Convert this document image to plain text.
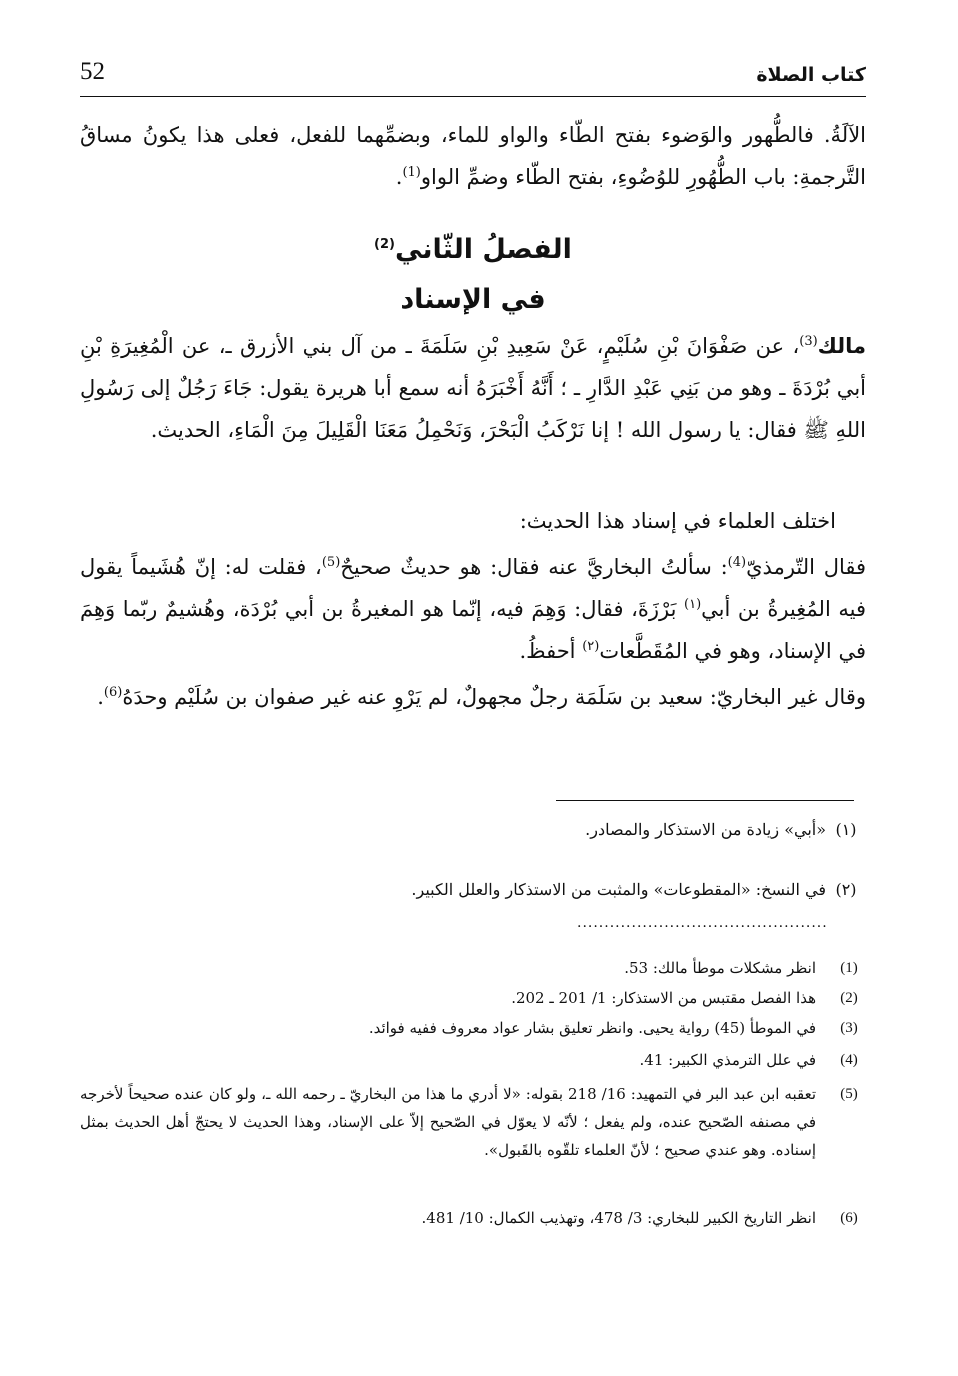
52	كتاب الصلاة

الآلَةُ. فالطُّهور والوَضوء بفتح الطّاء والواو للماء، وبضمِّهما للفعل، فعلى هذا يكونُ مساقُ التَّرجمةِ: باب الطُّهُورِ للوُضُوءِ، بفتح الطّاء وضمِّ الواو$^{(1)}$.

الفصلُ الثّاني$^{(2)}$
في الإسناد

مالك$^{(3)}$، عن صَفْوَانَ بْنِ سُلَيْمٍ، عَنْ سَعِيدِ بْنِ سَلَمَةَ ـ من آل بني الأزرق ـ، عن الْمُغِيرَةِ بْنِ أبي بُرْدَةَ ـ وهو من بَنِي عَبْدِ الدَّارِ ـ ؛ أَنَّهُ أَخْبَرَهُ أنه سمع أبا هريرة يقول: جَاءَ رَجُلٌ إلى رَسُولِ اللهِ ﷺ فقال: يا رسول الله ! إنا نَرْكَبُ الْبَحْرَ، وَنَحْمِلُ مَعَنَا الْقَلِيلَ مِنَ الْمَاءِ، الحديث.

اختلف العلماء في إسناد هذا الحديث:

فقال التّرمذيّ$^{(4)}$: سألتُ البخاريَّ عنه فقال: هو حديثٌ صحيحٌ$^{(5)}$، فقلت له: إنّ هُشَيماً يقول فيه المُغِيرةُ بن أبي$^{(١)}$ بَرْزَةَ، فقال: وَهِمَ فيه، إنّما هو المغيرةُ بن أبي بُرْدَة، وهُشيمٌ ربّما وَهِمَ في الإسناد، وهو في المُقَطَّعات$^{(٢)}$ أحفظُ.

وقال غير البخاريّ: سعيد بن سَلَمَة رجلٌ مجهولٌ، لم يَرْوِ عنه غير صفوان بن سُلَيْم وحدَهُ$^{(6)}$.

(١)«أبي» زيادة من الاستذكار والمصادر.
(٢)في النسخ: «المقطوعات» والمثبت من الاستذكار والعلل الكبير.
..............................................
(1)
انظر مشكلات موطأ مالك: 53.
(2)
هذا الفصل مقتبس من الاستذكار: 1/ 201 ـ 202.
(3)
في الموطأ (45) رواية يحيى. وانظر تعليق بشار عواد معروف ففيه فوائد.
(4)
في علل الترمذي الكبير: 41.
(5)
تعقبه ابن عبد البر في التمهيد: 16/ 218 بقوله: «لا أدري ما هذا من البخاريّ ـ رحمه الله ـ، ولو كان عنده صحيحاً لأخرجه في مصنفه الصّحيح عنده، ولم يفعل ؛ لأنّه لا يعوّل في الصّحيح إلاّ على الإسناد، وهذا الحديث لا يحتجّ أهل الحديث بمثل إسناده. وهو عندي صحيح ؛ لأنّ العلماء تلقّوه بالقَبول».
(6)
انظر التاريخ الكبير للبخاري: 3/ 478، وتهذيب الكمال: 10/ 481.
